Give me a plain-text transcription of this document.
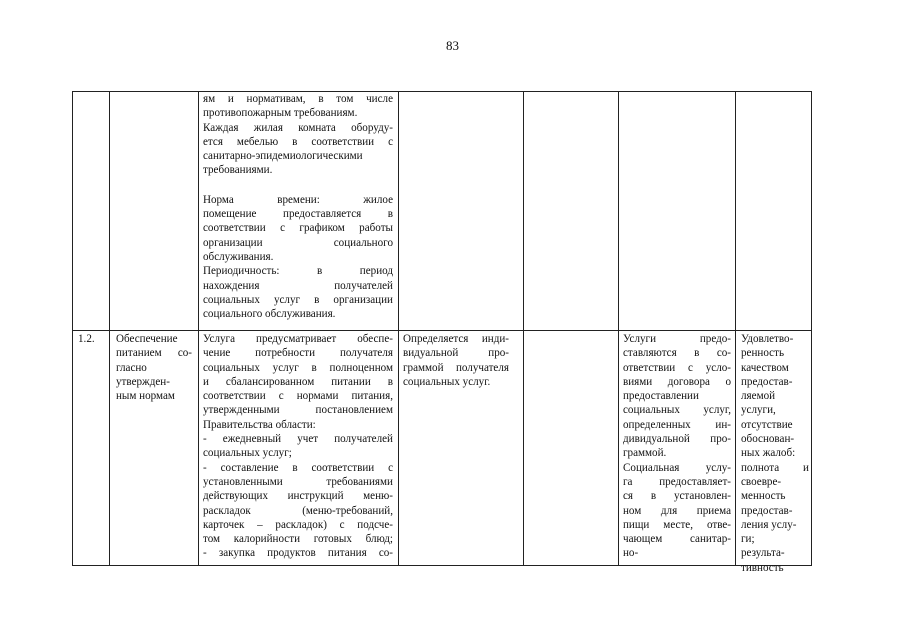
83

ям и нормативам, в том числе

противопожарным требованиям.

Каждая жилая комната оборуду-

ется мебелью в соответствии с

санитарно-эпидемиологическими

требованиями.

Норма времени: жилое

помещение предоставляется в

соответствии с графиком работы

организации социального

обслуживания.

Периодичность: в период

нахождения получателей

социальных услуг в организации

социального обслуживания.

1.2.	Обеспечение

питанием со-

гласно

утвержден-

ным нормам

Услуга предусматривает обеспе-

чение потребности получателя

социальных услуг в полноценном

и сбалансированном питании в

соответствии с нормами питания,

утвержденными постановлением

Правительства области:

- ежедневный учет получателей

социальных услуг;

- составление в соответствии с

установленными требованиями

действующих инструкций меню-

раскладок (меню-требований,

карточек – раскладок) с подсче-

том калорийности готовых блюд;

- закупка продуктов питания со-

Определяется инди-

видуальной про-

граммой получателя

социальных услуг.

Услуги предо-

ставляются в со-

ответствии с усло-

виями договора о

предоставлении

социальных услуг,

определенных ин-

дивидуальной про-

граммой.

Социальная услу-

га предоставляет-

ся в установлен-

ном для приема

пищи месте, отве-

чающем санитар-

но-

Удовлетво-

ренность

качеством

предостав-

ляемой

услуги,

отсутствие

обоснован-

ных жалоб:

полнота и

своевре-

менность

предостав-

ления услу-

ги;

результа-

тивность
